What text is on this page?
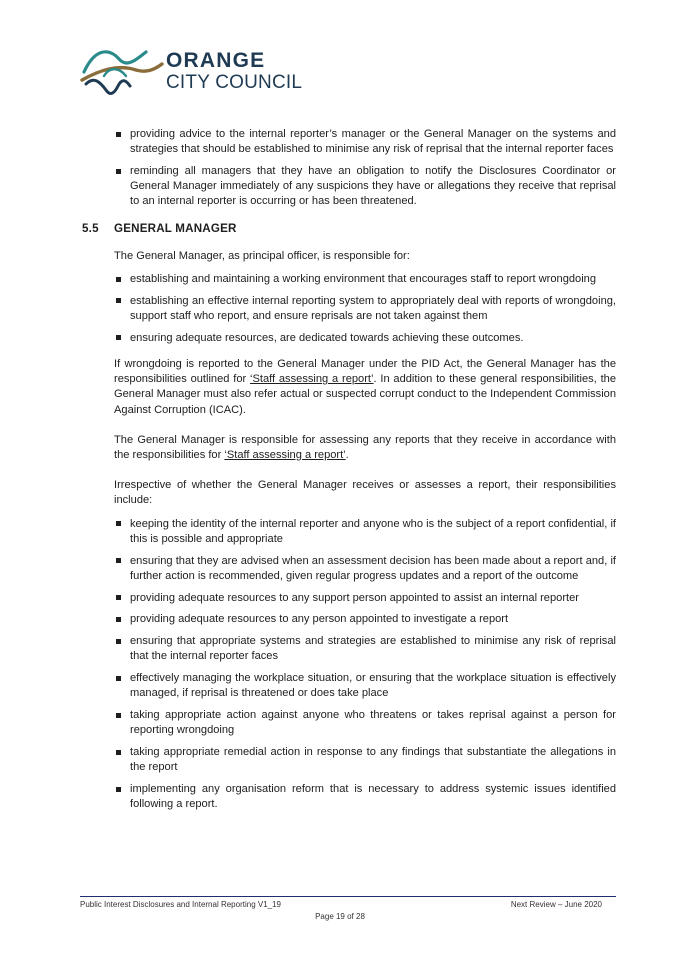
ORANGE
CITY COUNCIL
providing advice to the internal reporter’s manager or the General Manager on the systems and strategies that should be established to minimise any risk of reprisal that the internal reporter faces
reminding all managers that they have an obligation to notify the Disclosures Coordinator or General Manager immediately of any suspicions they have or allegations they receive that reprisal to an internal reporter is occurring or has been threatened.
5.5 GENERAL MANAGER

The General Manager, as principal officer, is responsible for:

establishing and maintaining a working environment that encourages staff to report wrongdoing
establishing an effective internal reporting system to appropriately deal with reports of wrongdoing, support staff who report, and ensure reprisals are not taken against them
ensuring adequate resources, are dedicated towards achieving these outcomes.

If wrongdoing is reported to the General Manager under the PID Act, the General Manager has the responsibilities outlined for ‘Staff assessing a report’. In addition to these general responsibilities, the General Manager must also refer actual or suspected corrupt conduct to the Independent Commission Against Corruption (ICAC).

The General Manager is responsible for assessing any reports that they receive in accordance with the responsibilities for ‘Staff assessing a report’.

Irrespective of whether the General Manager receives or assesses a report, their responsibilities include:

keeping the identity of the internal reporter and anyone who is the subject of a report confidential, if this is possible and appropriate
ensuring that they are advised when an assessment decision has been made about a report and, if further action is recommended, given regular progress updates and a report of the outcome
providing adequate resources to any support person appointed to assist an internal reporter
providing adequate resources to any person appointed to investigate a report
ensuring that appropriate systems and strategies are established to minimise any risk of reprisal that the internal reporter faces
effectively managing the workplace situation, or ensuring that the workplace situation is effectively managed, if reprisal is threatened or does take place
taking appropriate action against anyone who threatens or takes reprisal against a person for reporting wrongdoing
taking appropriate remedial action in response to any findings that substantiate the allegations in the report
implementing any organisation reform that is necessary to address systemic issues identified following a report.
Public Interest Disclosures and Internal Reporting V1_19	Next Review – June 2020
Page 19 of 28
